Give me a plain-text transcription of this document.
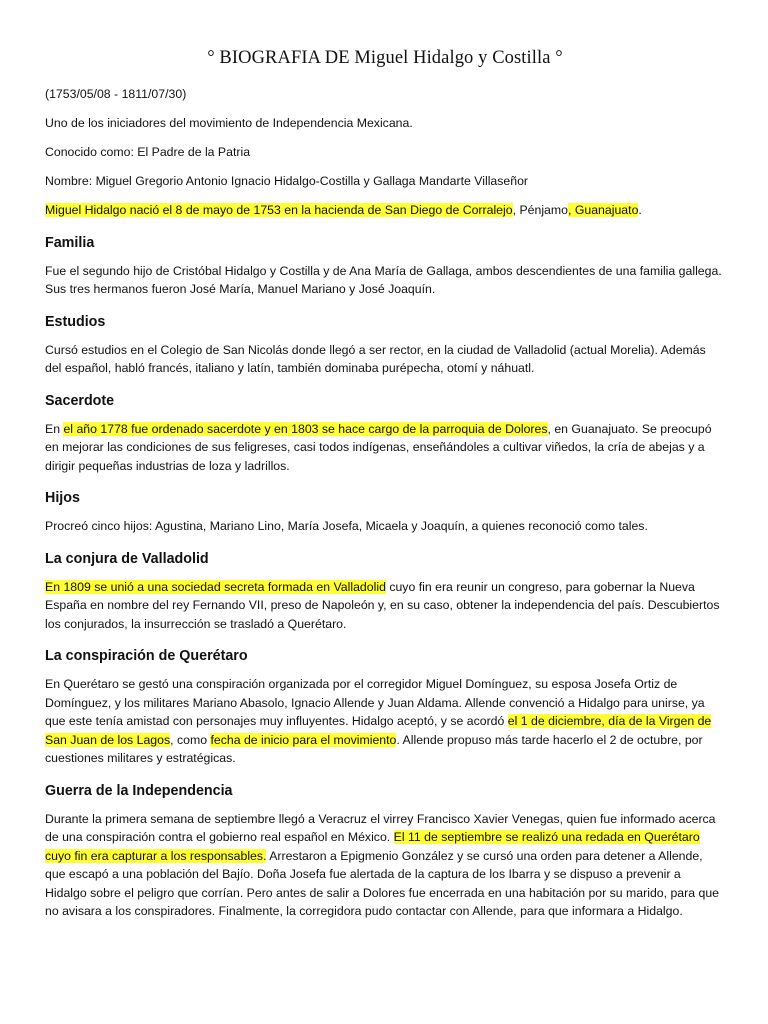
° BIOGRAFIA DE Miguel Hidalgo y Costilla °

(1753/05/08 - 1811/07/30)

Uno de los iniciadores del movimiento de Independencia Mexicana.

Conocido como: El Padre de la Patria

Nombre: Miguel Gregorio Antonio Ignacio Hidalgo-Costilla y Gallaga Mandarte Villaseñor

Miguel Hidalgo nació el 8 de mayo de 1753 en la hacienda de San Diego de Corralejo, Pénjamo, Guanajuato.

Familia

Fue el segundo hijo de Cristóbal Hidalgo y Costilla y de Ana María de Gallaga, ambos descendientes de una familia gallega. Sus tres hermanos fueron José María, Manuel Mariano y José Joaquín.

Estudios

Cursó estudios en el Colegio de San Nicolás donde llegó a ser rector, en la ciudad de Valladolid (actual Morelia). Además del español, habló francés, italiano y latín, también dominaba purépecha, otomí y náhuatl.

Sacerdote

En el año 1778 fue ordenado sacerdote y en 1803 se hace cargo de la parroquia de Dolores, en Guanajuato. Se preocupó en mejorar las condiciones de sus feligreses, casi todos indígenas, enseñándoles a cultivar viñedos, la cría de abejas y a dirigir pequeñas industrias de loza y ladrillos.

Hijos

Procreó cinco hijos: Agustina, Mariano Lino, María Josefa, Micaela y Joaquín, a quienes reconoció como tales.

La conjura de Valladolid

En 1809 se unió a una sociedad secreta formada en Valladolid cuyo fin era reunir un congreso, para gobernar la Nueva España en nombre del rey Fernando VII, preso de Napoleón y, en su caso, obtener la independencia del país. Descubiertos los conjurados, la insurrección se trasladó a Querétaro.

La conspiración de Querétaro

En Querétaro se gestó una conspiración organizada por el corregidor Miguel Domínguez, su esposa Josefa Ortiz de Domínguez, y los militares Mariano Abasolo, Ignacio Allende y Juan Aldama. Allende convenció a Hidalgo para unirse, ya que este tenía amistad con personajes muy influyentes. Hidalgo aceptó, y se acordó el 1 de diciembre, día de la Virgen de San Juan de los Lagos, como fecha de inicio para el movimiento. Allende propuso más tarde hacerlo el 2 de octubre, por cuestiones militares y estratégicas.

Guerra de la Independencia

Durante la primera semana de septiembre llegó a Veracruz el virrey Francisco Xavier Venegas, quien fue informado acerca de una conspiración contra el gobierno real español en México. El 11 de septiembre se realizó una redada en Querétaro cuyo fin era capturar a los responsables. Arrestaron a Epigmenio González y se cursó una orden para detener a Allende, que escapó a una población del Bajío. Doña Josefa fue alertada de la captura de los Ibarra y se dispuso a prevenir a Hidalgo sobre el peligro que corrían. Pero antes de salir a Dolores fue encerrada en una habitación por su marido, para que no avisara a los conspiradores. Finalmente, la corregidora pudo contactar con Allende, para que informara a Hidalgo.
